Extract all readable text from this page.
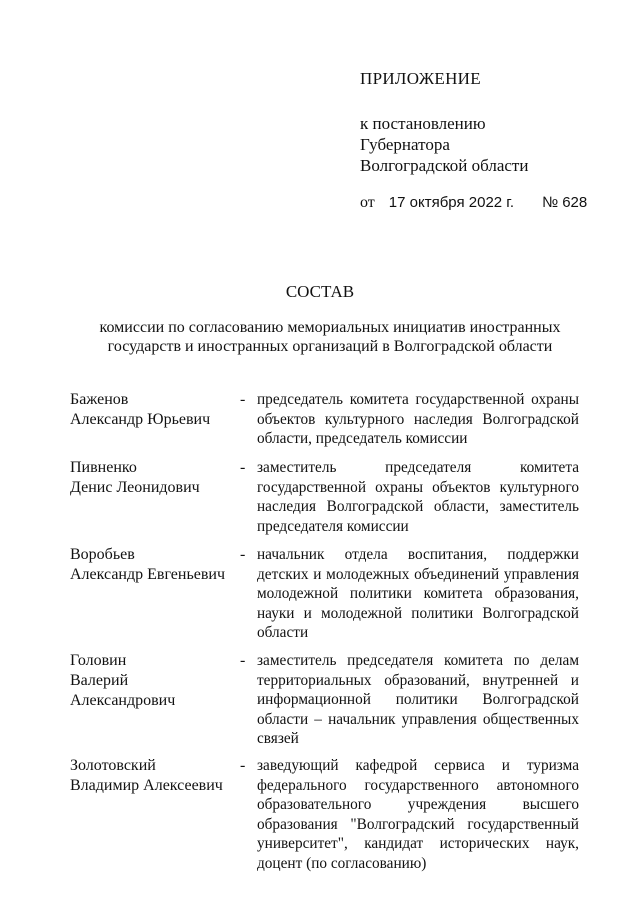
ПРИЛОЖЕНИЕ
к постановлению
Губернатора
Волгоградской области
от 17 октября 2022 г. № 628
СОСТАВ
комиссии по согласованию мемориальных инициатив иностранных государств и иностранных организаций в Волгоградской области
Баженов
Александр Юрьевич
- председатель комитета государственной охраны объектов культурного наследия Волгоградской области, председатель комиссии
Пивненко
Денис Леонидович
- заместитель председателя комитета государственной охраны объектов культурного наследия Волгоградской области, заместитель председателя комиссии
Воробьев
Александр Евгеньевич
- начальник отдела воспитания, поддержки детских и молодежных объединений управления молодежной политики комитета образования, науки и молодежной политики Волгоградской области
Головин
Валерий Александрович
- заместитель председателя комитета по делам территориальных образований, внутренней и информационной политики Волгоградской области – начальник управления общественных связей
Золотовский
Владимир Алексеевич
- заведующий кафедрой сервиса и туризма федерального государственного автономного образовательного учреждения высшего образования "Волгоградский государственный университет", кандидат исторических наук, доцент (по согласованию)
